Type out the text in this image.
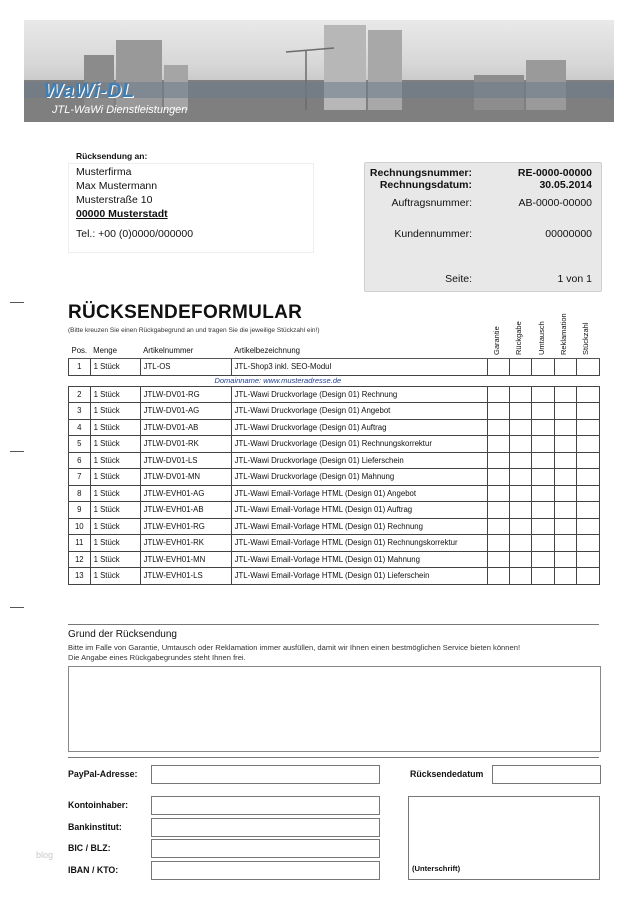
WaWi-DL
JTL-WaWi Dienstleistungen
Rücksendung an:
Musterfirma
Max Mustermann
Musterstraße 10
00000 Musterstadt
Tel.: +00 (0)0000/000000
Rechnungsnummer:	RE-0000-00000
Rechnungsdatum:	30.05.2014
Auftragsnummer:	AB-0000-00000
Kundennummer:	00000000
Seite:	1 von 1
RÜCKSENDEFORMULAR
(Bitte kreuzen Sie einen Rückgabegrund an und tragen Sie die jeweilige Stückzahl ein!)	Garantie Rückgabe Umtausch Reklamation Stückzahl
Pos.	Menge	Artikelnummer	Artikelbezeichnung					
1	1 Stück	JTL-OS	JTL-Shop3 inkl. SEO-Modul					
Domainname: www.musteradresse.de								
2	1 Stück	JTLW-DV01-RG	JTL-Wawi Druckvorlage (Design 01) Rechnung					
3	1 Stück	JTLW-DV01-AG	JTL-Wawi Druckvorlage (Design 01) Angebot					
4	1 Stück	JTLW-DV01-AB	JTL-Wawi Druckvorlage (Design 01) Auftrag					
5	1 Stück	JTLW-DV01-RK	JTL-Wawi Druckvorlage (Design 01) Rechnungskorrektur					
6	1 Stück	JTLW-DV01-LS	JTL-Wawi Druckvorlage (Design 01) Lieferschein					
7	1 Stück	JTLW-DV01-MN	JTL-Wawi Druckvorlage (Design 01) Mahnung					
8	1 Stück	JTLW-EVH01-AG	JTL-Wawi Email-Vorlage HTML (Design 01) Angebot					
9	1 Stück	JTLW-EVH01-AB	JTL-Wawi Email-Vorlage HTML (Design 01) Auftrag					
10	1 Stück	JTLW-EVH01-RG	JTL-Wawi Email-Vorlage HTML (Design 01) Rechnung					
11	1 Stück	JTLW-EVH01-RK	JTL-Wawi Email-Vorlage HTML (Design 01) Rechnungskorrektur					
12	1 Stück	JTLW-EVH01-MN	JTL-Wawi Email-Vorlage HTML (Design 01) Mahnung					
13	1 Stück	JTLW-EVH01-LS	JTL-Wawi Email-Vorlage HTML (Design 01) Lieferschein					
Grund der Rücksendung
Bitte im Falle von Garantie, Umtausch oder Reklamation immer ausfüllen, damit wir Ihnen einen bestmöglichen Service bieten können!
Die Angabe eines Rückgabegrundes steht Ihnen frei.
PayPal-Adresse:	Rücksendedatum
Kontoinhaber:
Bankinstitut:
BIC / BLZ:
IBAN / KTO:	(Unterschrift)
blog
